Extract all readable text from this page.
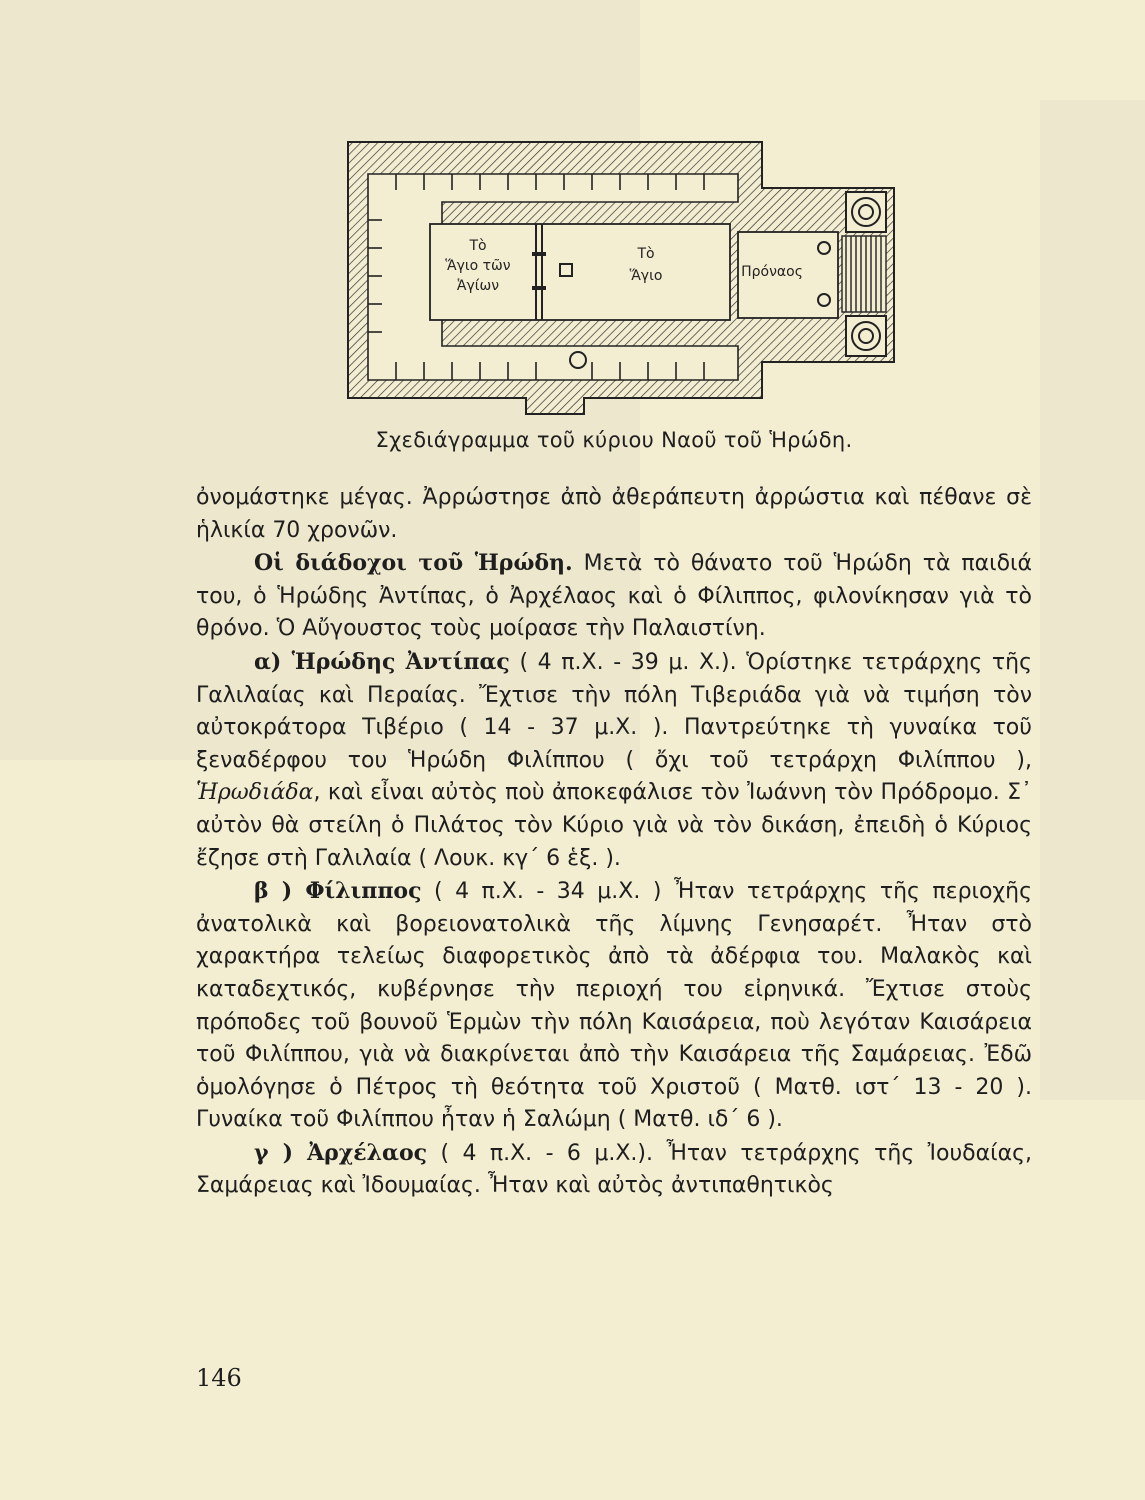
Τὸ
Ἅγιο τῶν
Ἁγίων
Τὸ
Ἅγιο	Πρόναος
Σχεδιάγραμμα τοῦ κύριου Ναοῦ τοῦ Ἡρώδη.

ὀνομάστηκε μέγας. Ἀρρώστησε ἀπὸ ἀθεράπευτη ἀρρώστια καὶ πέθανε σὲ ἡλικία 70 χρονῶν.

Οἱ διάδοχοι τοῦ Ἡρώδη. Μετὰ τὸ θάνατο τοῦ Ἡρώδη τὰ παιδιά του, ὁ Ἡρώδης Ἀντίπας, ὁ Ἀρχέλαος καὶ ὁ Φίλιππος, φιλονίκησαν γιὰ τὸ θρόνο. Ὁ Αὔγουστος τοὺς μοίρασε τὴν Παλαιστίνη.

α) Ἡρώδης Ἀντίπας ( 4 π.Χ. - 39 μ. Χ.). Ὁρίστηκε τετράρχης τῆς Γαλιλαίας καὶ Περαίας. Ἔχτισε τὴν πόλη Τιβεριάδα γιὰ νὰ τιμήση τὸν αὐτοκράτορα Τιβέριο ( 14 - 37 μ.Χ. ). Παντρεύτηκε τὴ γυναίκα τοῦ ξεναδέρφου του Ἡρώδη Φιλίππου ( ὄχι τοῦ τετράρχη Φιλίππου ), Ἡρωδιάδα, καὶ εἶναι αὐτὸς ποὺ ἀποκεφάλισε τὸν Ἰωάννη τὸν Πρόδρομο. Σ᾿ αὐτὸν θὰ στείλη ὁ Πιλάτος τὸν Κύριο γιὰ νὰ τὸν δικάση, ἐπειδὴ ὁ Κύριος ἔζησε στὴ Γαλιλαία ( Λουκ. κγ΄ 6 ἑξ. ).

β ) Φίλιππος ( 4 π.Χ. - 34 μ.Χ. ) Ἦταν τετράρχης τῆς περιοχῆς ἀνατολικὰ καὶ βορειονατολικὰ τῆς λίμνης Γενησαρέτ. Ἦταν στὸ χαρακτήρα τελείως διαφορετικὸς ἀπὸ τὰ ἀδέρφια του. Μαλακὸς καὶ καταδεχτικός, κυβέρνησε τὴν περιοχή του εἰρηνικά. Ἔχτισε στοὺς πρόποδες τοῦ βουνοῦ Ἑρμὼν τὴν πόλη Καισάρεια, ποὺ λεγόταν Καισάρεια τοῦ Φιλίππου, γιὰ νὰ διακρίνεται ἀπὸ τὴν Καισάρεια τῆς Σαμάρειας. Ἐδῶ ὁμολόγησε ὁ Πέτρος τὴ θεότητα τοῦ Χριστοῦ ( Ματθ. ιστ΄ 13 - 20 ). Γυναίκα τοῦ Φιλίππου ἦταν ἡ Σαλώμη ( Ματθ. ιδ΄ 6 ).

γ ) Ἀρχέλαος ( 4 π.Χ. - 6 μ.Χ.). Ἦταν τετράρχης τῆς Ἰουδαίας, Σαμάρειας καὶ Ἰδουμαίας. Ἦταν καὶ αὐτὸς ἀντιπαθητικὸς

146
